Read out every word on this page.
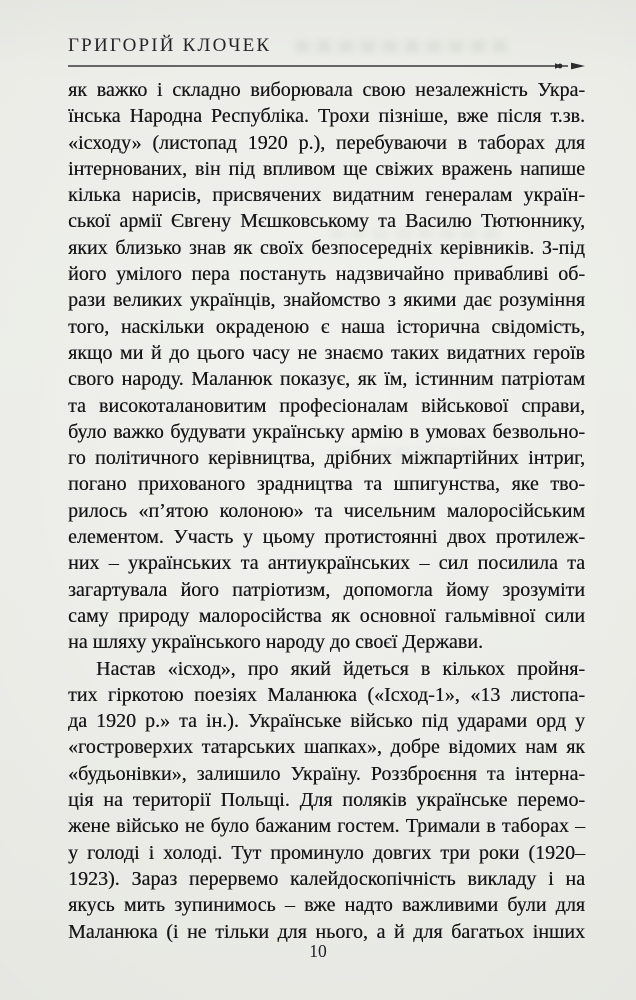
ГРИГОРІЙ КЛОЧЕК
як важко і складно виборювала свою незалежність Укра-
їнська Народна Республіка. Трохи пізніше, вже після т.зв.
«ісходу» (листопад 1920 р.), перебуваючи в таборах для
інтернованих, він під впливом ще свіжих вражень напише
кілька нарисів, присвячених видатним генералам україн-
ської армії Євгену Мєшковському та Василю Тютюннику,
яких близько знав як своїх безпосередніх керівників. З-під
його умілого пера постануть надзвичайно привабливі об-
рази великих українців, знайомство з якими дає розуміння
того, наскільки окраденою є наша історична свідомість,
якщо ми й до цього часу не знаємо таких видатних героїв
свого народу. Маланюк показує, як їм, істинним патріотам
та високоталановитим професіоналам військової справи,
було важко будувати українську армію в умовах безвольно-
го політичного керівництва, дрібних міжпартійних інтриг,
погано прихованого зрадництва та шпигунства, яке тво-
рилось «п’ятою колоною» та чисельним малоросійським
елементом. Участь у цьому протистоянні двох протилеж-
них – українських та антиукраїнських – сил посилила та
загартувала його патріотизм, допомогла йому зрозуміти
саму природу малоросійства як основної гальмівної сили
на шляху українського народу до своєї Держави.
Настав «ісход», про який йдеться в кількох пройня-
тих гіркотою поезіях Маланюка («Ісход-1», «13 листопа-
да 1920 р.» та ін.). Українське військо під ударами орд у
«гостроверхих татарських шапках», добре відомих нам як
«будьонівки», залишило Україну. Роззброєння та інтерна-
ція на території Польщі. Для поляків українське перемо-
жене військо не було бажаним гостем. Тримали в таборах –
у голоді і холоді. Тут проминуло довгих три роки (1920–
1923). Зараз перервемо калейдоскопічність викладу і на
якусь мить зупинимось – вже надто важливими були для
Маланюка (і не тільки для нього, а й для багатьох інших
10
